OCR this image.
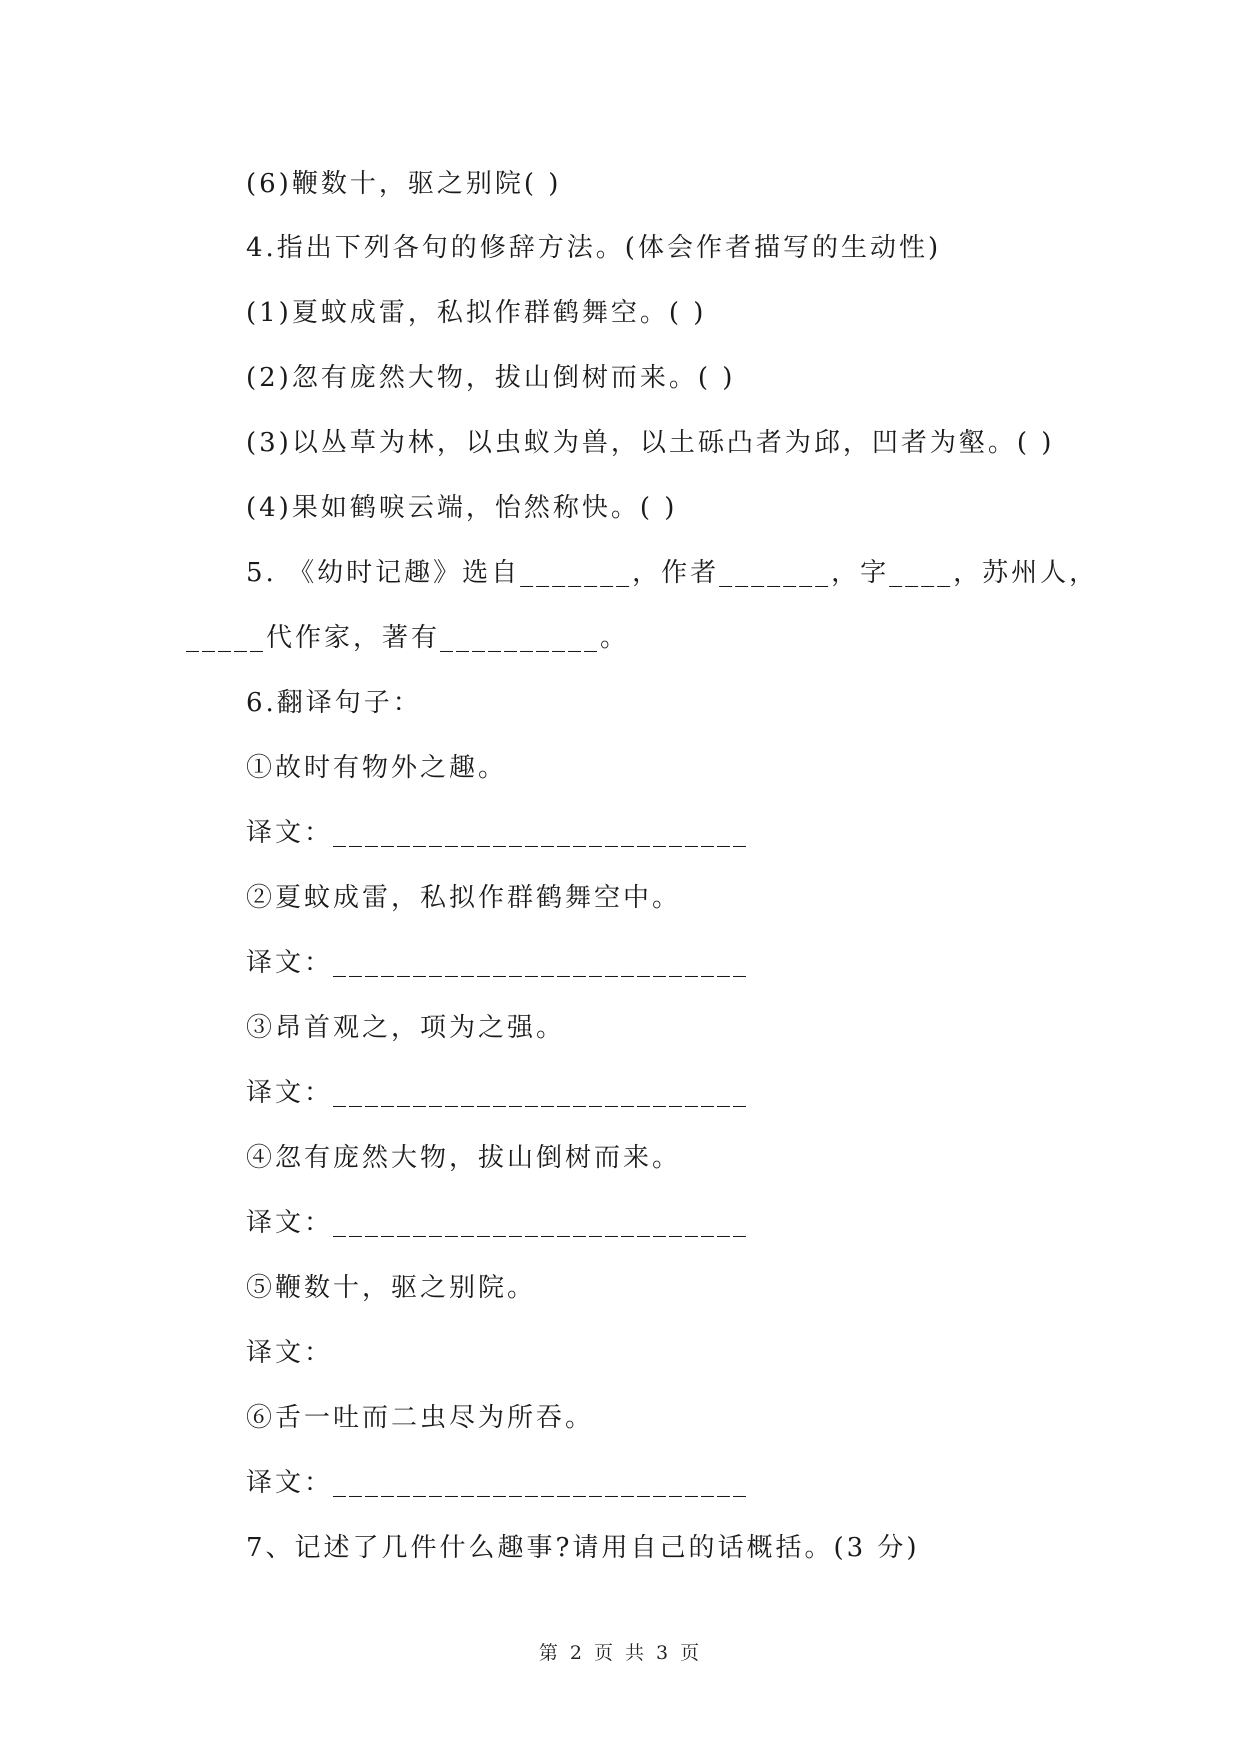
(6)鞭数十，驱之别院( )
4.指出下列各句的修辞方法。(体会作者描写的生动性)
(1)夏蚊成雷，私拟作群鹤舞空。( )
(2)忽有庞然大物，拔山倒树而来。( )
(3)以丛草为林，以虫蚁为兽，以土砾凸者为邱，凹者为壑。( )
(4)果如鹤唳云端，怡然称快。( )
5. 《幼时记趣》选自_______，作者_______，字____，苏州人，
_____代作家，著有__________。
6.翻译句子：
①故时有物外之趣。
译文：__________________________
②夏蚊成雷，私拟作群鹤舞空中。
译文：__________________________
③昂首观之，项为之强。
译文：__________________________
④忽有庞然大物，拔山倒树而来。
译文：__________________________
⑤鞭数十，驱之别院。
译文：
⑥舌一吐而二虫尽为所吞。
译文：__________________________
7、记述了几件什么趣事?请用自己的话概括。(3 分)
第 2 页 共 3 页
